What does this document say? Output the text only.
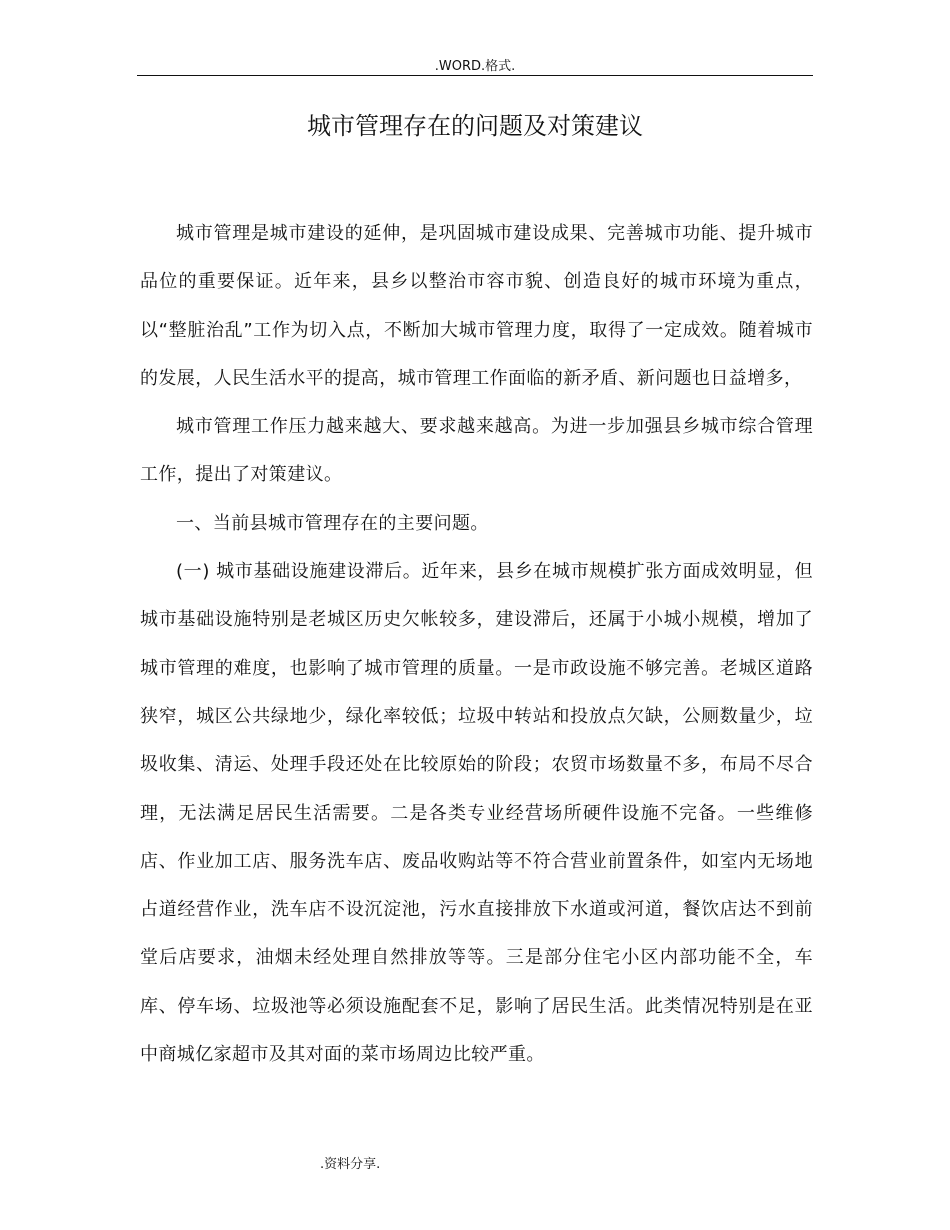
.WORD.格式.
城市管理存在的问题及对策建议

城市管理是城市建设的延伸，是巩固城市建设成果、完善城市功能、提升城市品位的重要保证。近年来，县乡以整治市容市貌、创造良好的城市环境为重点，以“整脏治乱”工作为切入点，不断加大城市管理力度，取得了一定成效。随着城市的发展，人民生活水平的提高，城市管理工作面临的新矛盾、新问题也日益增多，

城市管理工作压力越来越大、要求越来越高。为进一步加强县乡城市综合管理工作，提出了对策建议。

一、当前县城市管理存在的主要问题。

(一) 城市基础设施建设滞后。近年来，县乡在城市规模扩张方面成效明显，但城市基础设施特别是老城区历史欠帐较多，建设滞后，还属于小城小规模，增加了城市管理的难度，也影响了城市管理的质量。一是市政设施不够完善。老城区道路狭窄，城区公共绿地少，绿化率较低；垃圾中转站和投放点欠缺，公厕数量少，垃圾收集、清运、处理手段还处在比较原始的阶段；农贸市场数量不多，布局不尽合理，无法满足居民生活需要。二是各类专业经营场所硬件设施不完备。一些维修店、作业加工店、服务洗车店、废品收购站等不符合营业前置条件，如室内无场地占道经营作业，洗车店不设沉淀池，污水直接排放下水道或河道，餐饮店达不到前堂后店要求，油烟未经处理自然排放等等。三是部分住宅小区内部功能不全，车库、停车场、垃圾池等必须设施配套不足，影响了居民生活。此类情况特别是在亚中商城亿家超市及其对面的菜市场周边比较严重。

.资料分享.
